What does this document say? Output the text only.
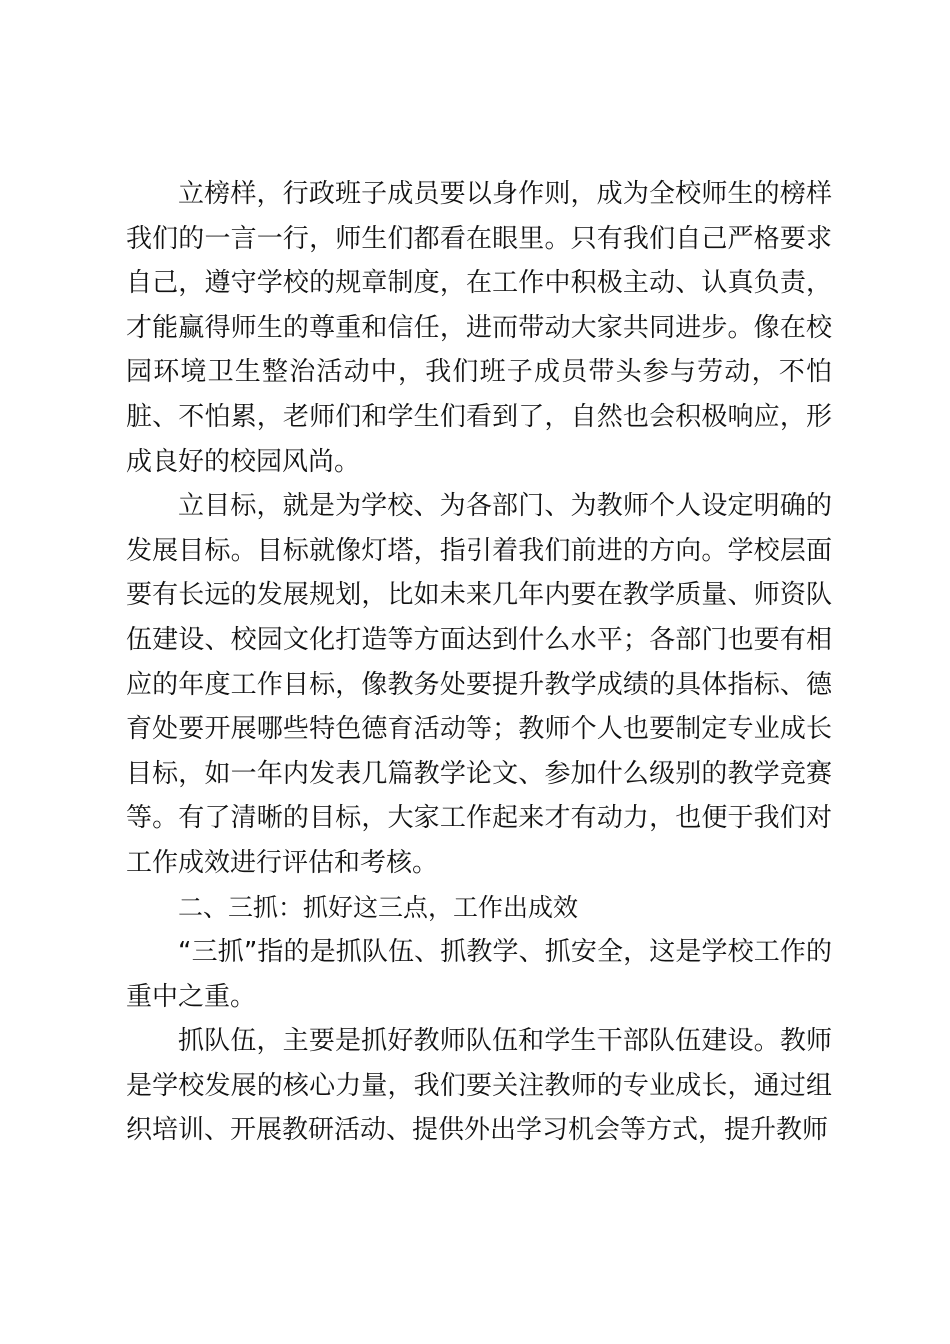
立榜样，行政班子成员要以身作则，成为全校师生的榜样我们的一言一行，师生们都看在眼里。只有我们自己严格要求自己，遵守学校的规章制度，在工作中积极主动、认真负责，才能赢得师生的尊重和信任，进而带动大家共同进步。像在校园环境卫生整治活动中，我们班子成员带头参与劳动，不怕脏、不怕累，老师们和学生们看到了，自然也会积极响应，形成良好的校园风尚。

立目标，就是为学校、为各部门、为教师个人设定明确的发展目标。目标就像灯塔，指引着我们前进的方向。学校层面要有长远的发展规划，比如未来几年内要在教学质量、师资队伍建设、校园文化打造等方面达到什么水平；各部门也要有相应的年度工作目标，像教务处要提升教学成绩的具体指标、德育处要开展哪些特色德育活动等；教师个人也要制定专业成长目标，如一年内发表几篇教学论文、参加什么级别的教学竞赛等。有了清晰的目标，大家工作起来才有动力，也便于我们对工作成效进行评估和考核。

二、三抓：抓好这三点，工作出成效

“三抓”指的是抓队伍、抓教学、抓安全，这是学校工作的重中之重。

抓队伍，主要是抓好教师队伍和学生干部队伍建设。教师是学校发展的核心力量，我们要关注教师的专业成长，通过组织培训、开展教研活动、提供外出学习机会等方式，提升教师
